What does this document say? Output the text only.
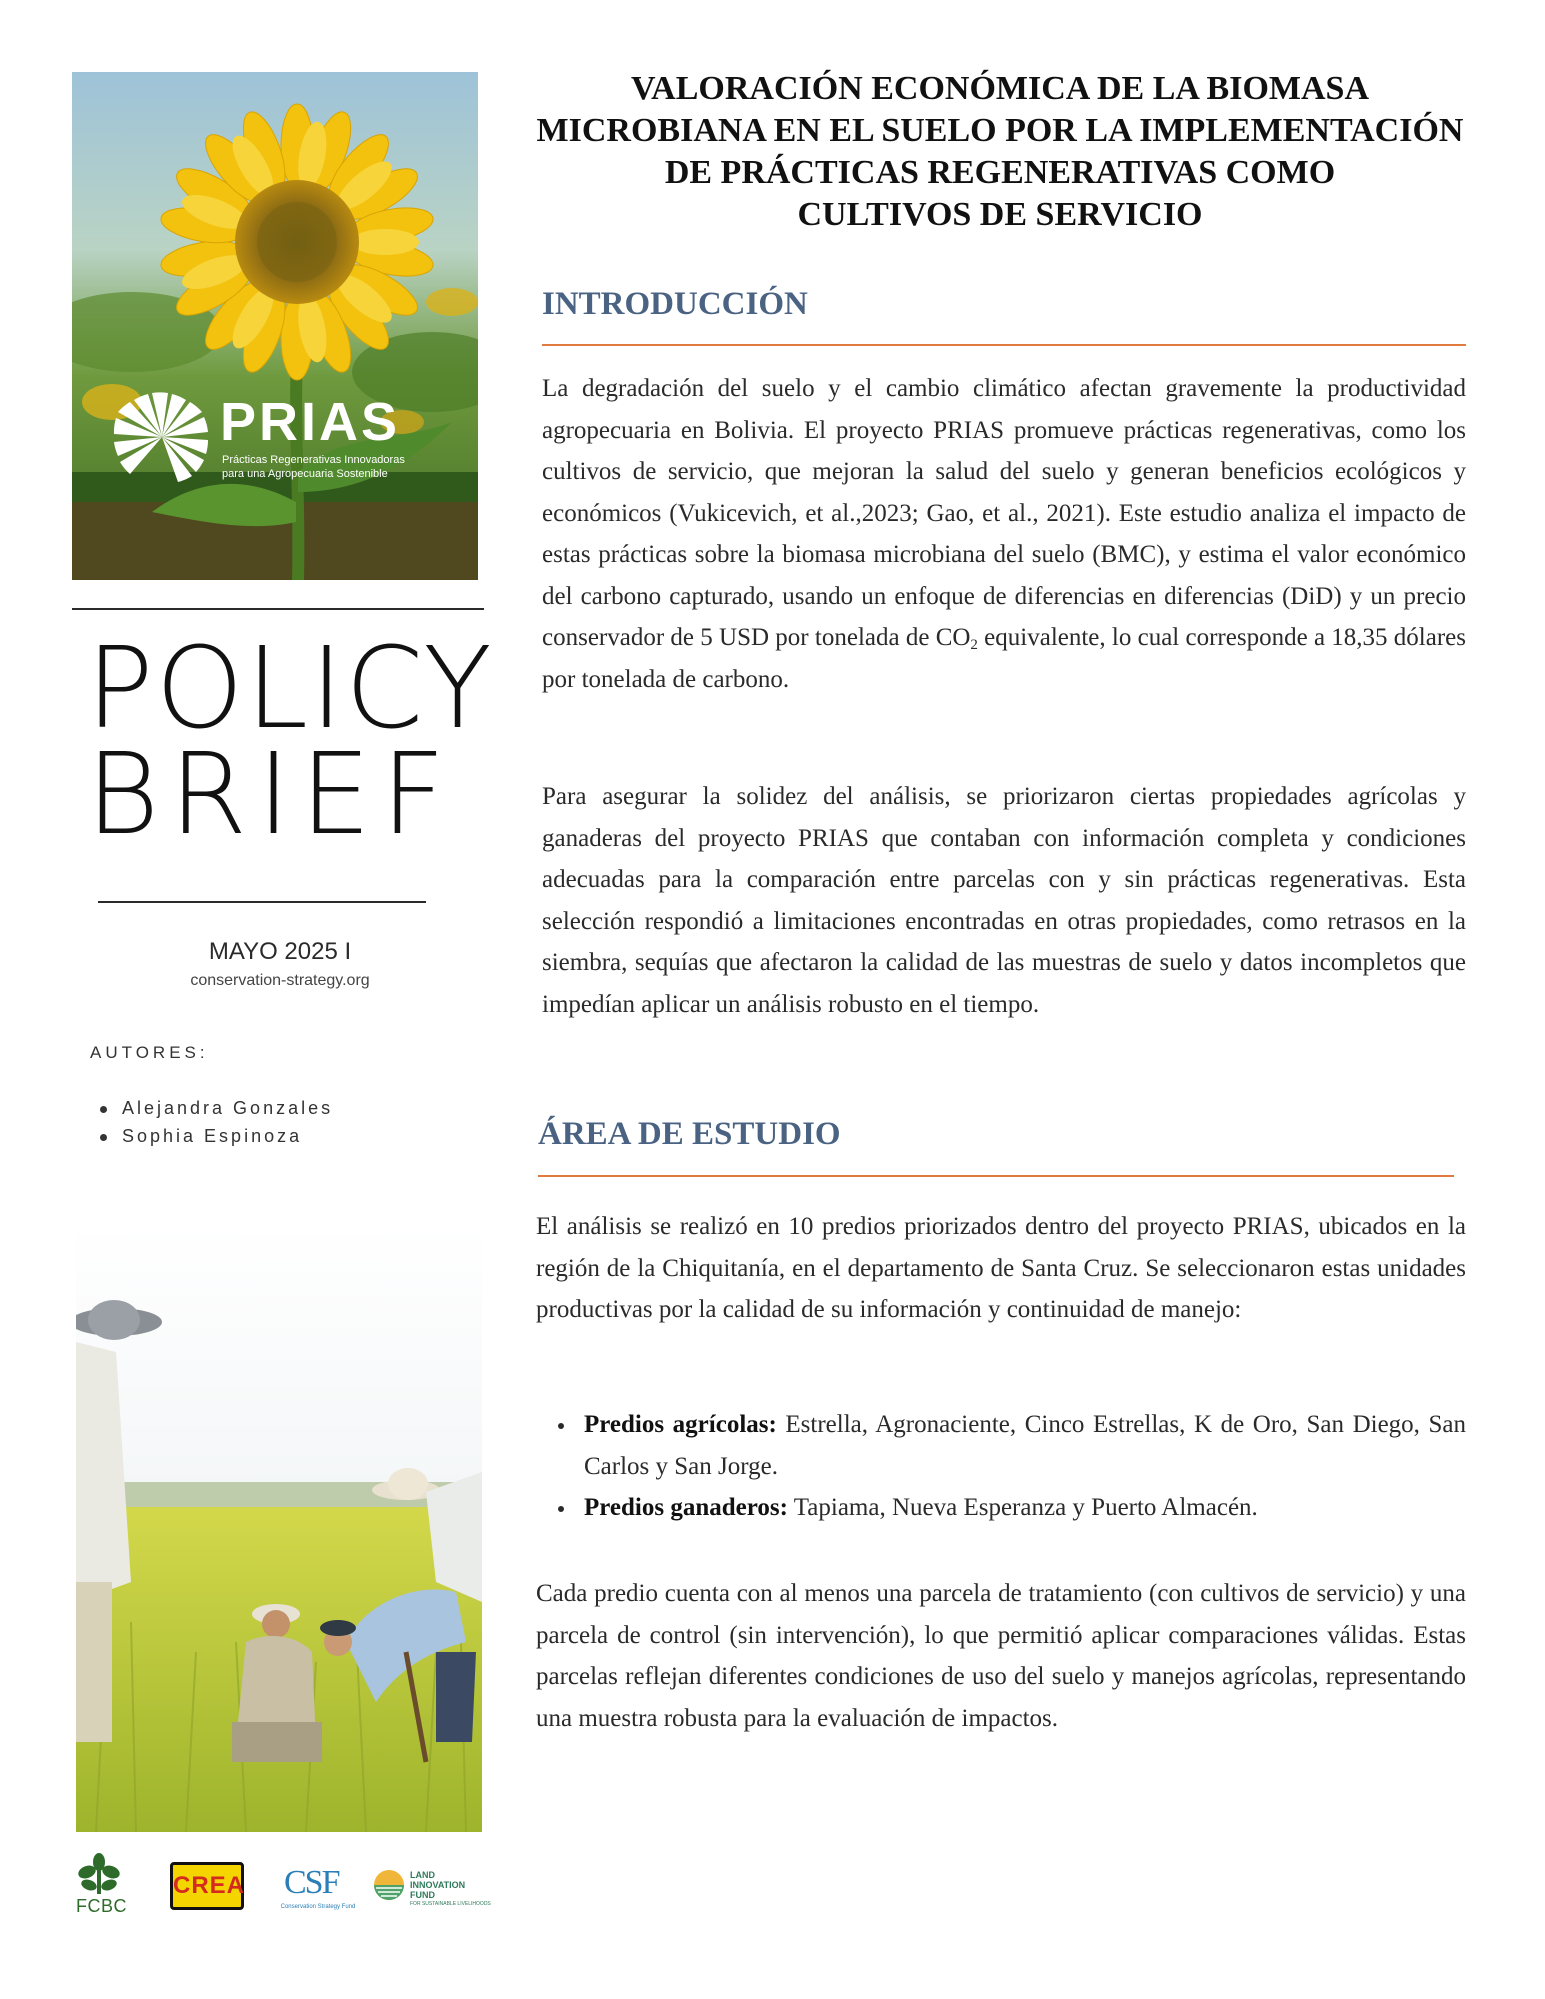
PRIAS
Prácticas Regenerativas Innovadoras
para una Agropecuaria Sostenible
POLICY
BRIEF
MAYO 2025 I
conservation-strategy.org
AUTORES:
Alejandra Gonzales
Sophia Espinoza
FCBC
CREA CSF
Conservation Strategy Fund
LAND
INNOVATION
FUND
FOR SUSTAINABLE LIVELIHOODS
VALORACIÓN ECONÓMICA DE LA BIOMASA
MICROBIANA EN EL SUELO POR LA IMPLEMENTACIÓN
DE PRÁCTICAS REGENERATIVAS COMO
CULTIVOS DE SERVICIO
INTRODUCCIÓN

La degradación del suelo y el cambio climático afectan gravemente la productividad agropecuaria en Bolivia. El proyecto PRIAS promueve prácticas regenerativas, como los cultivos de servicio, que mejoran la salud del suelo y generan beneficios ecológicos y económicos (Vukicevich, et al.,2023; Gao, et al., 2021). Este estudio analiza el impacto de estas prácticas sobre la biomasa microbiana del suelo (BMC), y estima el valor económico del carbono capturado, usando un enfoque de diferencias en diferencias (DiD) y un precio conservador de 5 USD por tonelada de $CO_2$ equivalente, lo cual corresponde a 18,35 dólares por tonelada de carbono.

Para asegurar la solidez del análisis, se priorizaron ciertas propiedades agrícolas y ganaderas del proyecto PRIAS que contaban con información completa y condiciones adecuadas para la comparación entre parcelas con y sin prácticas regenerativas. Esta selección respondió a limitaciones encontradas en otras propiedades, como retrasos en la siembra, sequías que afectaron la calidad de las muestras de suelo y datos incompletos que impedían aplicar un análisis robusto en el tiempo.

ÁREA DE ESTUDIO

El análisis se realizó en 10 predios priorizados dentro del proyecto PRIAS, ubicados en la región de la Chiquitanía, en el departamento de Santa Cruz. Se seleccionaron estas unidades productivas por la calidad de su información y continuidad de manejo:

Predios agrícolas: Estrella, Agronaciente, Cinco Estrellas, K de Oro, San Diego, San Carlos y San Jorge.
Predios ganaderos: Tapiama, Nueva Esperanza y Puerto Almacén.

Cada predio cuenta con al menos una parcela de tratamiento (con cultivos de servicio) y una parcela de control (sin intervención), lo que permitió aplicar comparaciones válidas. Estas parcelas reflejan diferentes condiciones de uso del suelo y manejos agrícolas, representando una muestra robusta para la evaluación de impactos.
